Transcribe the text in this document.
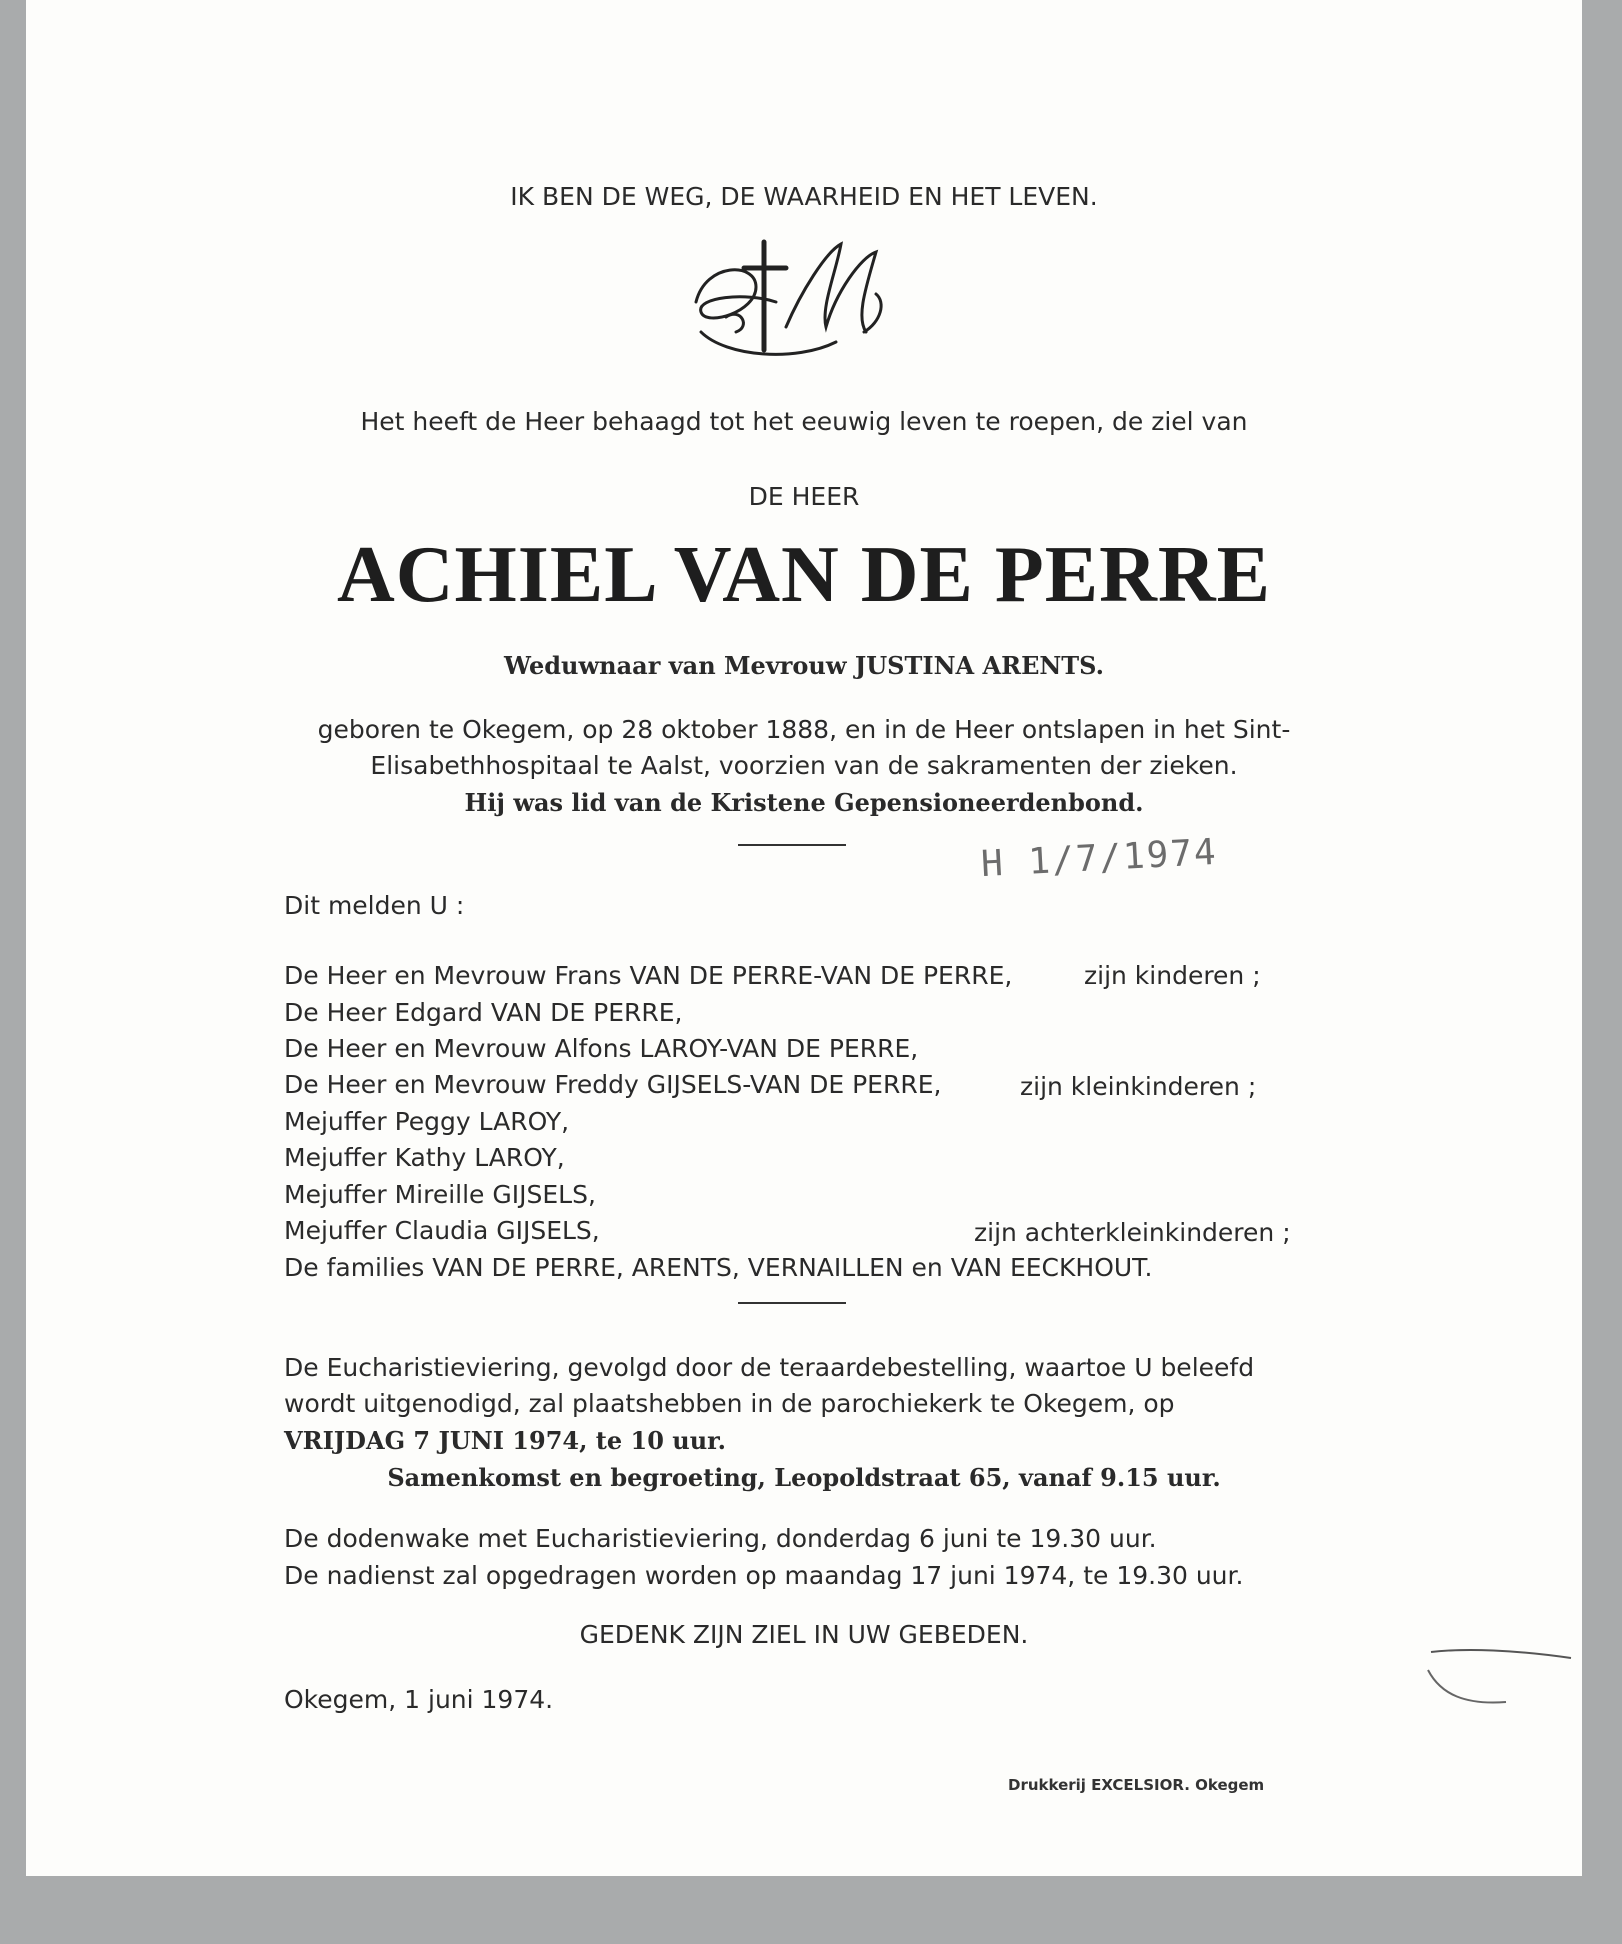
IK BEN DE WEG, DE WAARHEID EN HET LEVEN.
Het heeft de Heer behaagd tot het eeuwig leven te roepen, de ziel van
DE HEER
ACHIEL VAN DE PERRE
Weduwnaar van Mevrouw JUSTINA ARENTS.
geboren te Okegem, op 28 oktober 1888, en in de Heer ontslapen in het Sint-
Elisabethhospitaal te Aalst, voorzien van de sakramenten der zieken.
Hij was lid van de Kristene Gepensioneerdenbond.
H 1/7/1974
Dit melden U :
De Heer en Mevrouw Frans VAN DE PERRE-VAN DE PERRE,	zijn kinderen ;
De Heer Edgard VAN DE PERRE,
De Heer en Mevrouw Alfons LAROY-VAN DE PERRE,
De Heer en Mevrouw Freddy GIJSELS-VAN DE PERRE,	zijn kleinkinderen ;
Mejuffer Peggy LAROY,
Mejuffer Kathy LAROY,
Mejuffer Mireille GIJSELS,
Mejuffer Claudia GIJSELS,	zijn achterkleinkinderen ;
De families VAN DE PERRE, ARENTS, VERNAILLEN en VAN EECKHOUT.
De Eucharistieviering, gevolgd door de teraardebestelling, waartoe U beleefd
wordt uitgenodigd, zal plaatshebben in de parochiekerk te Okegem, op
VRIJDAG 7 JUNI 1974, te 10 uur.
Samenkomst en begroeting, Leopoldstraat 65, vanaf 9.15 uur.
De dodenwake met Eucharistieviering, donderdag 6 juni te 19.30 uur.
De nadienst zal opgedragen worden op maandag 17 juni 1974, te 19.30 uur.
GEDENK ZIJN ZIEL IN UW GEBEDEN.
Okegem, 1 juni 1974.
Drukkerij EXCELSIOR. Okegem
